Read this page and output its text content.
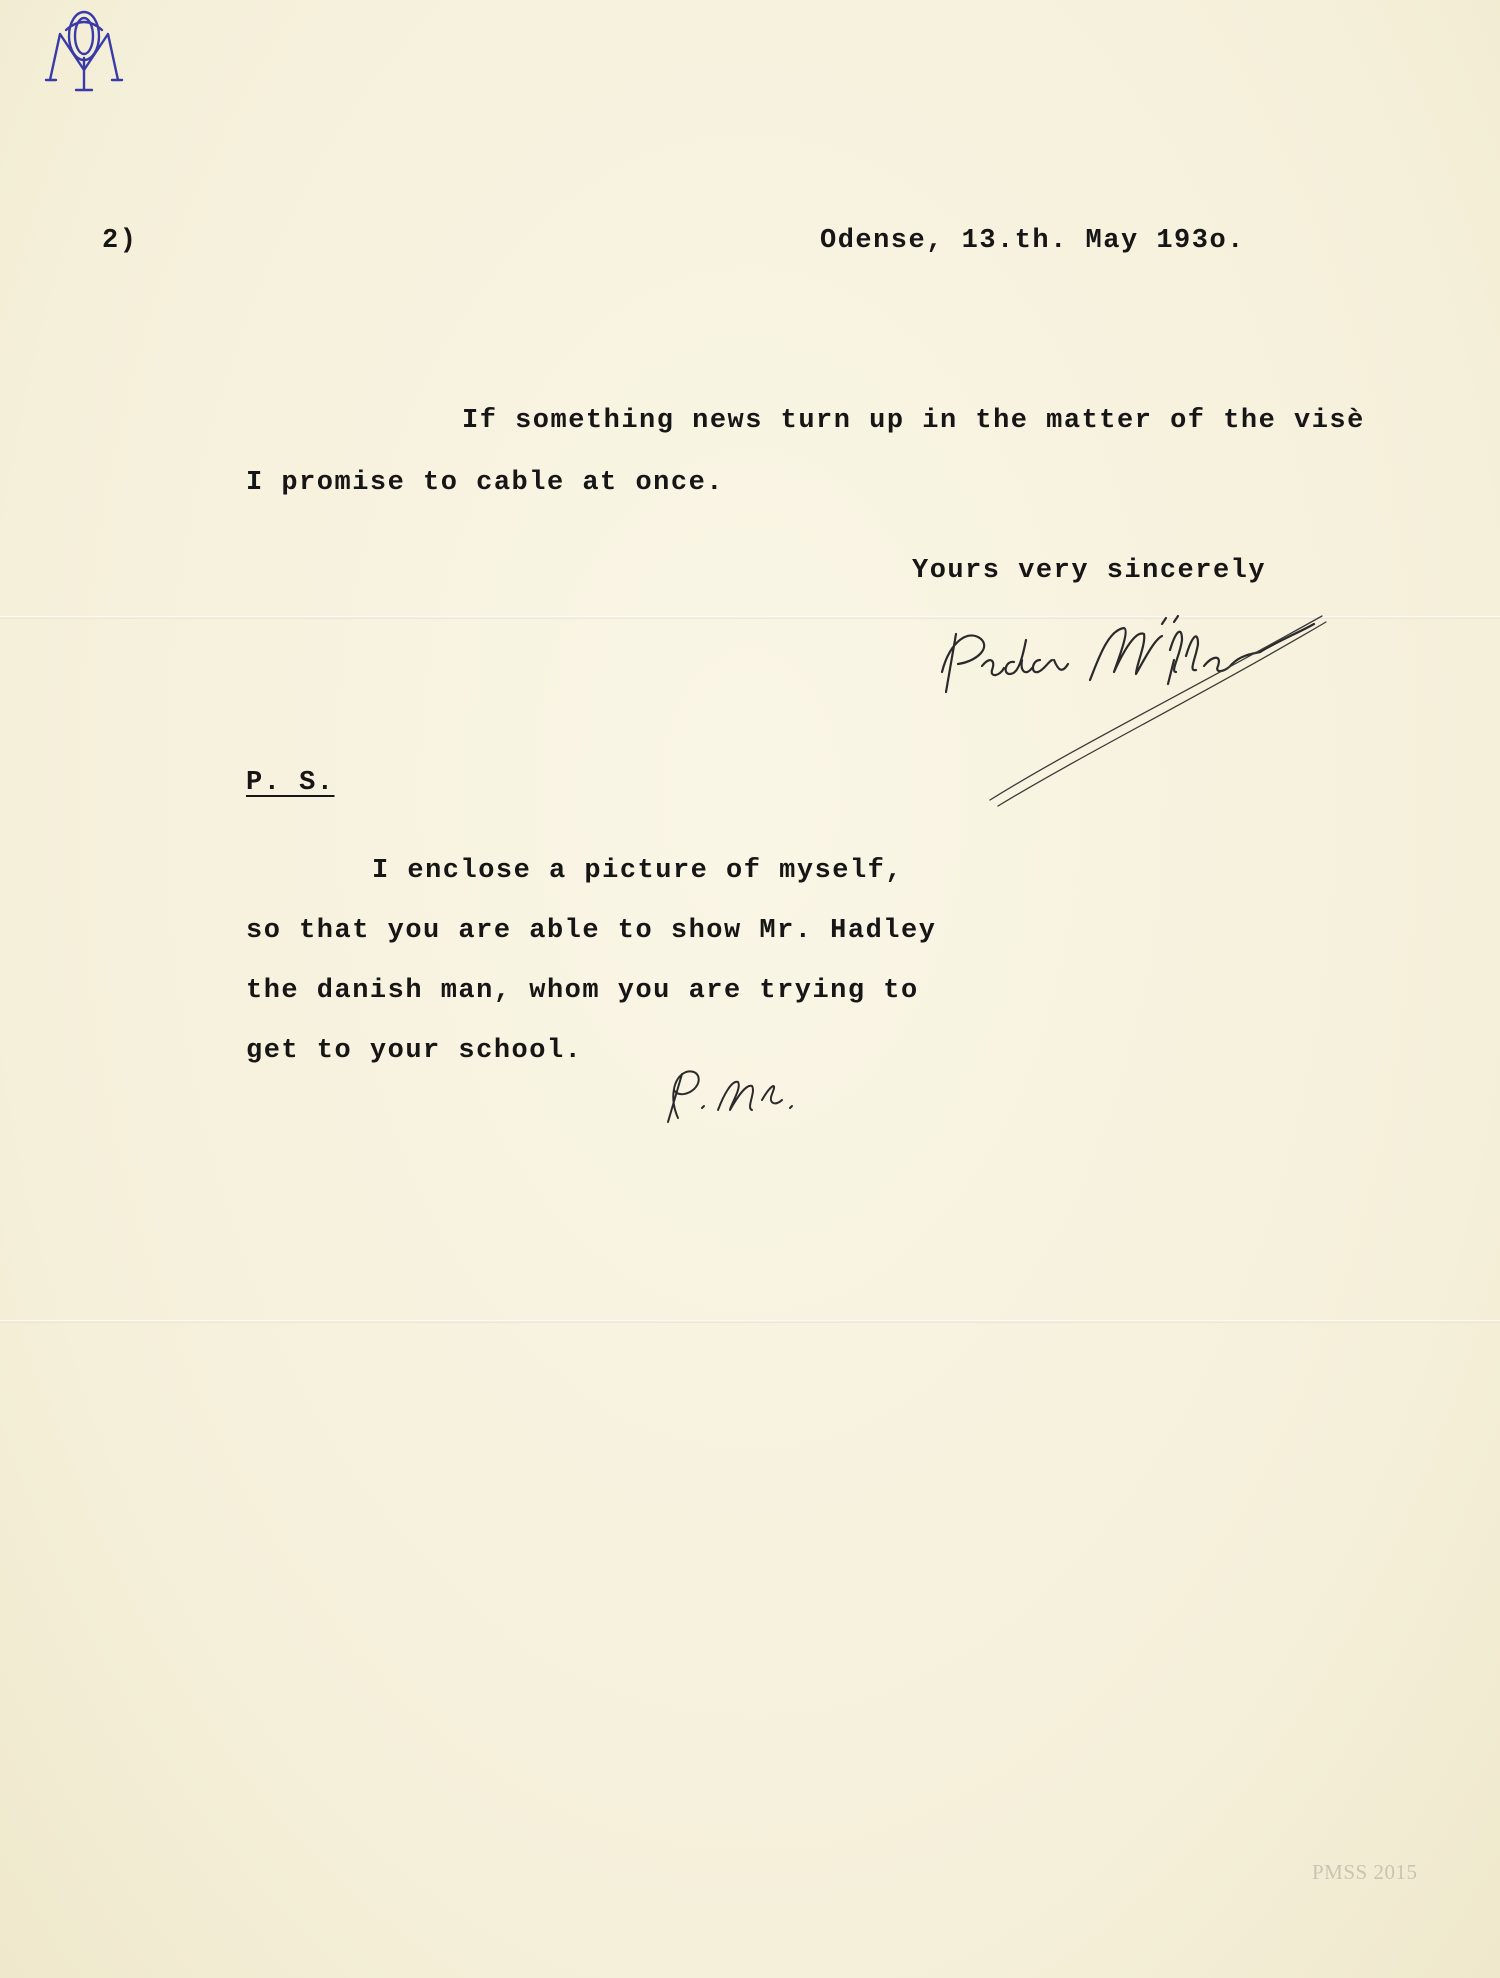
2)	Odense, 13.th. May 193o.

If something news turn up in the matter of the visè

I promise to cable at once.

Yours very sincerely

P. S.

I enclose a picture of myself,

so that you are able to show Mr. Hadley

the danish man, whom you are trying to

get to your school.

PMSS 2015
